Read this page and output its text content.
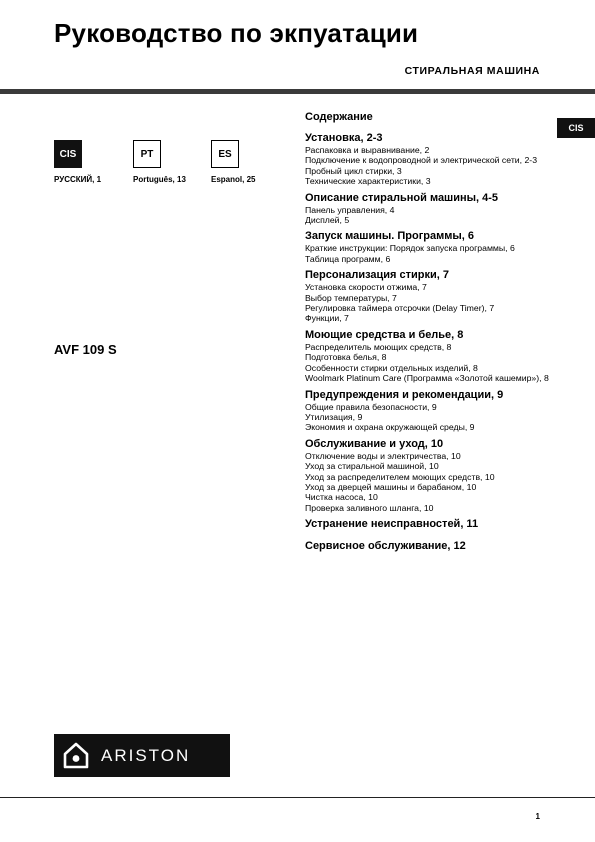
Руководство по экпуатации
СТИРАЛЬНАЯ МАШИНА
CIS
CIS
РУССКИЙ, 1
PT
Português, 13
ES
Espanol, 25
AVF 109 S
Содержание
Установка, 2-3
Распаковка и выравнивание, 2
Подключение к водопроводной и электрической сети, 2-3
Пробный цикл стирки, 3
Технические характеристики, 3
Описание стиральной машины, 4-5
Панель управления, 4
Дисплей, 5
Запуск машины. Программы, 6
Краткие инструкции: Порядок запуска программы, 6
Таблица программ, 6
Персонализация стирки, 7
Установка скорости отжима, 7
Выбор температуры, 7
Регулировка таймера отсрочки (Delay Timer), 7
Функции, 7
Моющие средства и белье, 8
Распределитель моющих средств, 8
Подготовка белья, 8
Особенности стирки отдельных изделий, 8
Woolmark Platinum Care (Программа «Золотой кашемир»), 8
Предупреждения и рекомендации, 9
Общие правила безопасности, 9
Утилизация, 9
Экономия и охрана окружающей среды, 9
Обслуживание и уход, 10
Отключение воды и электричества, 10
Уход за стиральной машиной, 10
Уход за распределителем моющих средств, 10
Уход за дверцей машины и барабаном, 10
Чистка насоса, 10
Проверка заливного шланга, 10
Устранение неисправностей, 11
Сервисное обслуживание, 12
ARISTON
1
